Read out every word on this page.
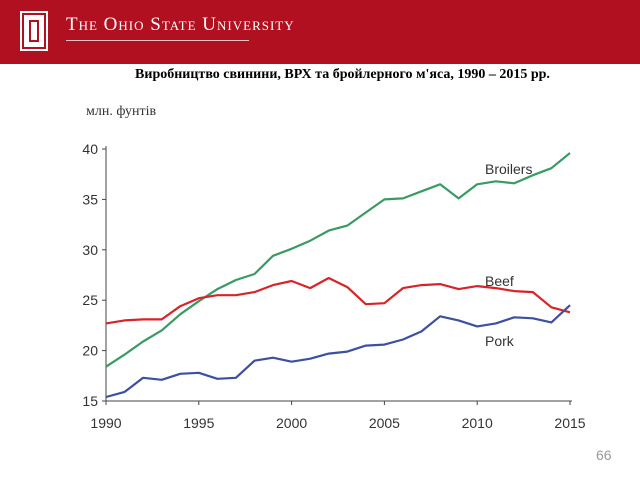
The Ohio State University
Виробництво свинини, ВРХ та бройлерного м'яса, 1990 – 2015 рр.
млн. фунтів
15
20
25
30
35
40
1990	1995	2000	2005	2010	2015
Broilers
Beef
Pork
66
